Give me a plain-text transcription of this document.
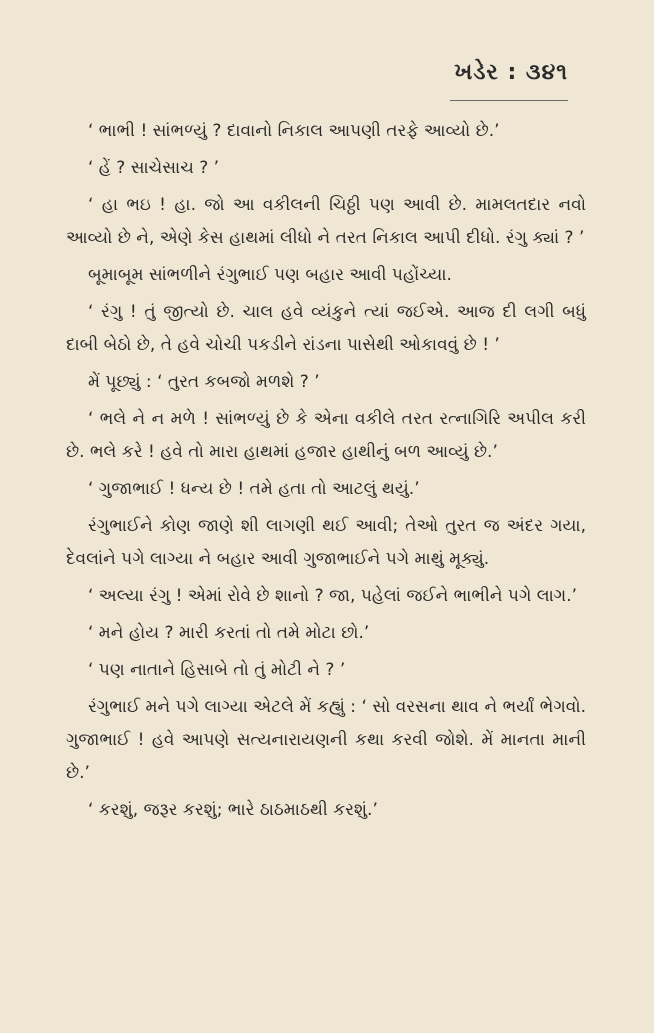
ખડેર : ૩૪૧

‘ ભાભી ! સાંભળ્યું ? દાવાનો નિકાલ આપણી તરફે આવ્યો છે.’

‘ હેં ? સાચેસાચ ? ’

‘ હા ભઇ ! હા. જો આ વકીલની ચિઠ્ઠી પણ આવી છે. મામલતદાર નવો આવ્યો છે ને, એણે કેસ હાથમાં લીધો ને તરત નિકાલ આપી દીધો. રંગુ ક્યાં ? ’

બૂમાબૂમ સાંભળીને રંગુભાઈ પણ બહાર આવી પહોંચ્યા.

‘ રંગુ ! તું જીત્યો છે. ચાલ હવે વ્યંકુને ત્યાં જઈએ. આજ દી લગી બધું દાબી બેઠો છે, તે હવે ચોચી પકડીને રાંડના પાસેથી ઓકાવવું છે ! ’

મેં પૂછ્યું : ‘ તુરત કબજો મળશે ? ’

‘ ભલે ને ન મળે ! સાંભળ્યું છે કે એના વકીલે તરત રત્નાગિરિ અપીલ કરી છે. ભલે કરે ! હવે તો મારા હાથમાં હજાર હાથીનું બળ આવ્યું છે.’

‘ ગુજાભાઈ ! ધન્ય છે ! તમે હતા તો આટલું થયું.’

રંગુભાઈને કોણ જાણે શી લાગણી થઈ આવી; તેઓ તુરત જ અંદર ગયા, દેવલાંને પગે લાગ્યા ને બહાર આવી ગુજાભાઈને પગે માથું મૂક્યું.

‘ અલ્યા રંગુ ! એમાં રોવે છે શાનો ? જા, પહેલાં જઈને ભાભીને પગે લાગ.’

‘ મને હોય ? મારી કરતાં તો તમે મોટા છો.’

‘ પણ નાતાને હિસાબે તો તું મોટી ને ? ’

રંગુભાઈ મને પગે લાગ્યા એટલે મેં કહ્યું : ‘ સો વરસના થાવ ને ભર્યાં ભેગવો. ગુજાભાઈ ! હવે આપણે સત્યનારાયણની કથા કરવી જોશે. મેં માનતા માની છે.’

‘ કરશું, જરૂર કરશું; ભારે ઠાઠમાઠથી કરશું.’
